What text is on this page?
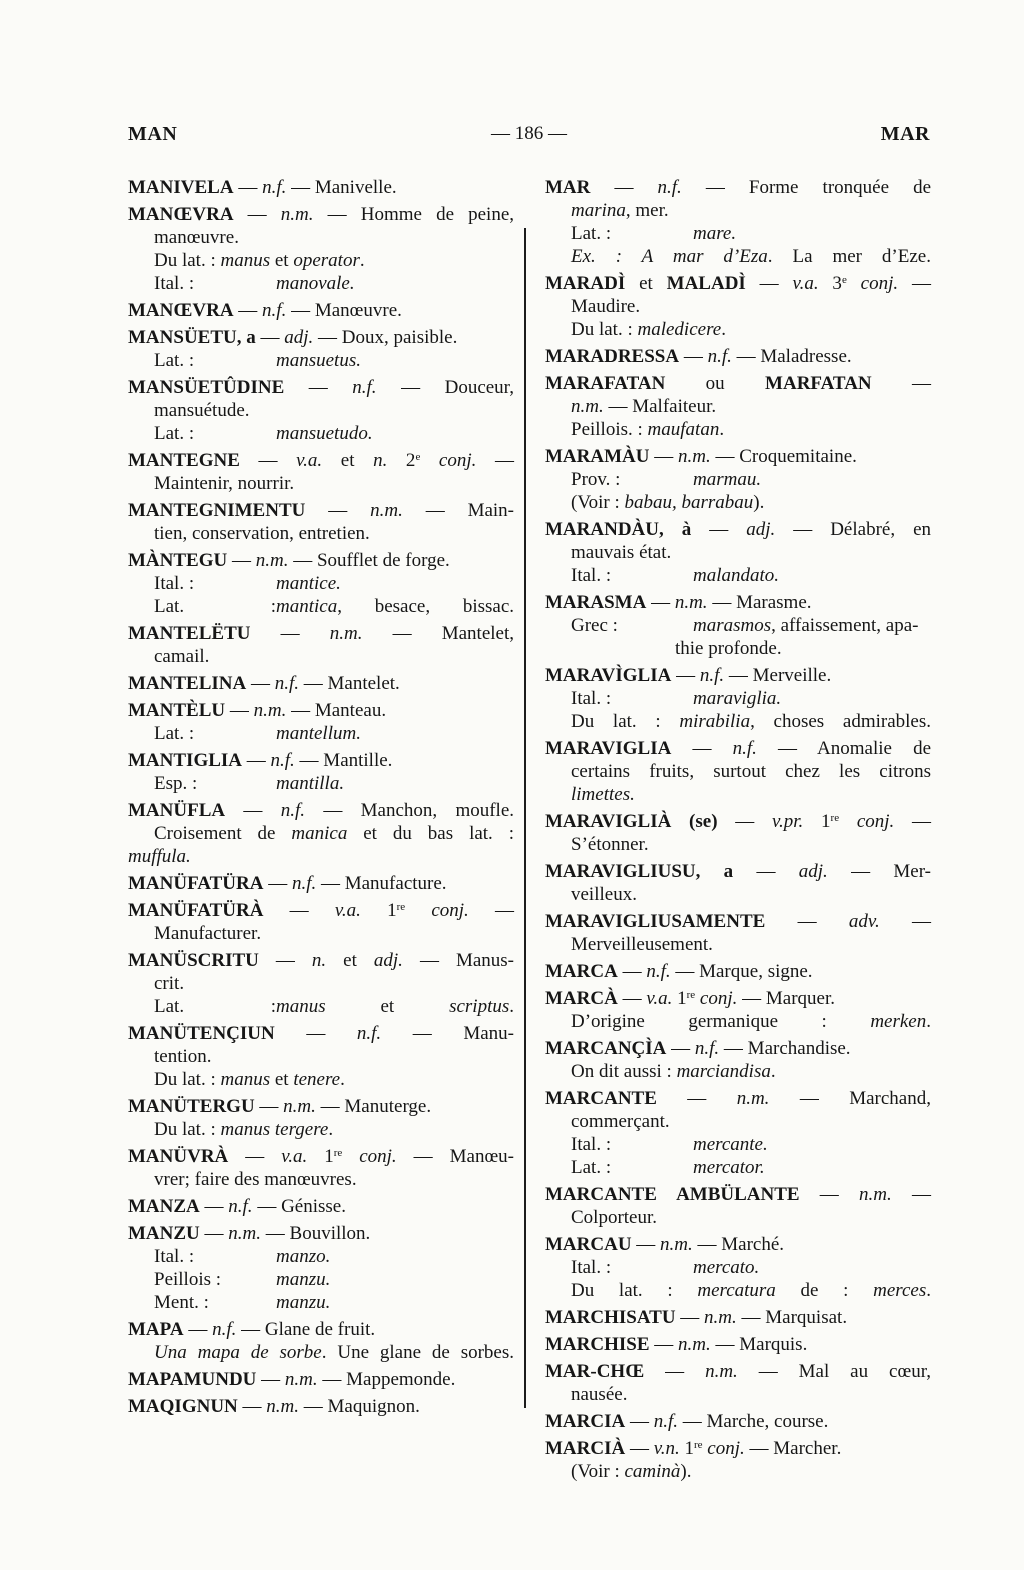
MAN	— 186 —	MAR
MANIVELA — n.f. — Manivelle.
MANŒVRA — n.m. — Homme de peine,
manœuvre.
Du lat. : manus et operator.
Ital. :	manovale.
MANŒVRA — n.f. — Manœuvre.
MANSÜETU, a — adj. — Doux, paisible.
Lat. :	mansuetus.
MANSÜETÛDINE — n.f. — Douceur,
mansuétude.
Lat. :	mansuetudo.
MANTEGNE — v.a. et n. 2e conj. —
Maintenir, nourrir.
MANTEGNIMENTU — n.m. — Main-
tien, conservation, entretien.
MÀNTEGU — n.m. — Soufflet de forge.
Ital. :	mantice.
Lat. :mantica, besace, bissac.
MANTELËTU — n.m. — Mantelet,
camail.
MANTELINA — n.f. — Mantelet.
MANTÈLU — n.m. — Manteau.
Lat. :	mantellum.
MANTIGLIA — n.f. — Mantille.
Esp. :	mantilla.
MANÜFLA — n.f. — Manchon, moufle.
Croisement de manica et du bas lat. :
muffula.
MANÜFATÜRA — n.f. — Manufacture.
MANÜFATÜRÀ — v.a. 1re conj. —
Manufacturer.
MANÜSCRITU — n. et adj. — Manus-
crit.
Lat. :manus et scriptus.
MANÜTENÇIUN — n.f. — Manu-
tention.
Du lat. : manus et tenere.
MANÜTERGU — n.m. — Manuterge.
Du lat. : manus tergere.
MANÜVRÀ — v.a. 1re conj. — Manœu-
vrer; faire des manœuvres.
MANZA — n.f. — Génisse.
MANZU — n.m. — Bouvillon.
Ital. :	manzo.
Peillois :	manzu.
Ment. :	manzu.
MAPA — n.f. — Glane de fruit.
Una mapa de sorbe. Une glane de sorbes.
MAPAMUNDU — n.m. — Mappemonde.
MAQIGNUN — n.m. — Maquignon.
MAR — n.f. — Forme tronquée de
marina, mer.
Lat. :	mare.
Ex. : A mar d’Eza. La mer d’Eze.
MARADÌ et MALADÌ — v.a. 3e conj. —
Maudire.
Du lat. : maledicere.
MARADRESSA — n.f. — Maladresse.
MARAFATAN ou MARFATAN —
n.m. — Malfaiteur.
Peillois. : maufatan.
MARAMÀU — n.m. — Croquemitaine.
Prov. :	marmau.
(Voir : babau, barrabau).
MARANDÀU, à — adj. — Délabré, en
mauvais état.
Ital. :	malandato.
MARASMA — n.m. — Marasme.
Grec :	marasmos, affaissement, apa-
thie profonde.
MARAVÌGLIA — n.f. — Merveille.
Ital. :	maraviglia.
Du lat. : mirabilia, choses admirables.
MARAVIGLIA — n.f. — Anomalie de
certains fruits, surtout chez les citrons
limettes.
MARAVIGLIÀ (se) — v.pr. 1re conj. —
S’étonner.
MARAVIGLIUSU, a — adj. — Mer-
veilleux.
MARAVIGLIUSAMENTE — adv. —
Merveilleusement.
MARCA — n.f. — Marque, signe.
MARCÀ — v.a. 1re conj. — Marquer.
D’origine germanique : merken.
MARCANÇÌA — n.f. — Marchandise.
On dit aussi : marciandisa.
MARCANTE — n.m. — Marchand,
commerçant.
Ital. :	mercante.
Lat. :	mercator.
MARCANTE AMBÜLANTE — n.m. —
Colporteur.
MARCAU — n.m. — Marché.
Ital. :	mercato.
Du lat. : mercatura de : merces.
MARCHISATU — n.m. — Marquisat.
MARCHISE — n.m. — Marquis.
MAR-CHŒ — n.m. — Mal au cœur,
nausée.
MARCIA — n.f. — Marche, course.
MARCIÀ — v.n. 1re conj. — Marcher.
(Voir : caminà).
